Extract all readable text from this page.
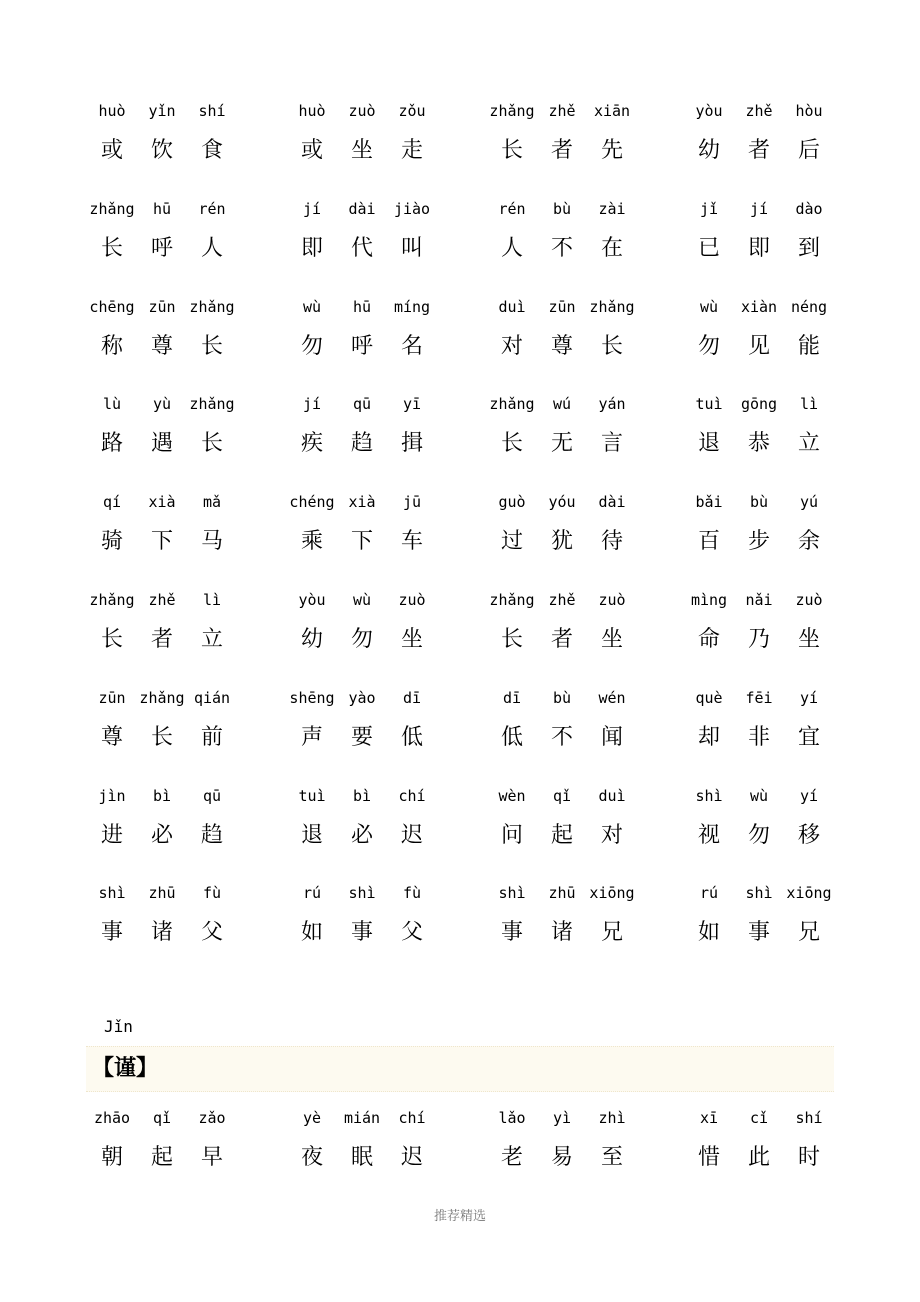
huò
或
yǐn
饮
shí
食
huò
或
zuò
坐
zǒu
走
zhǎng
长
zhě
者
xiān
先
yòu
幼
zhě
者
hòu
后
zhǎng
长
hū
呼
rén
人
jí
即
dài
代
jiào
叫
rén
人
bù
不
zài
在
jǐ
已
jí
即
dào
到
chēng
称
zūn
尊
zhǎng
长
wù
勿
hū
呼
míng
名
duì
对
zūn
尊
zhǎng
长
wù
勿
xiàn
见
néng
能
lù
路
yù
遇
zhǎng
长
jí
疾
qū
趋
yī
揖
zhǎng
长
wú
无
yán
言
tuì
退
gōng
恭
lì
立
qí
骑
xià
下
mǎ
马
chéng
乘
xià
下
jū
车
guò
过
yóu
犹
dài
待
bǎi
百
bù
步
yú
余
zhǎng
长
zhě
者
lì
立
yòu
幼
wù
勿
zuò
坐
zhǎng
长
zhě
者
zuò
坐
mìng
命
nǎi
乃
zuò
坐
zūn
尊
zhǎng
长
qián
前
shēng
声
yào
要
dī
低
dī
低
bù
不
wén
闻
què
却
fēi
非
yí
宜
jìn
进
bì
必
qū
趋
tuì
退
bì
必
chí
迟
wèn
问
qǐ
起
duì
对
shì
视
wù
勿
yí
移
shì
事
zhū
诸
fù
父
rú
如
shì
事
fù
父
shì
事
zhū
诸
xiōng
兄
rú
如
shì
事
xiōng
兄
Jǐn
【谨】
zhāo
朝
qǐ
起
zǎo
早
yè
夜
mián
眠
chí
迟
lǎo
老
yì
易
zhì
至
xī
惜
cǐ
此
shí
时
推荐精选
